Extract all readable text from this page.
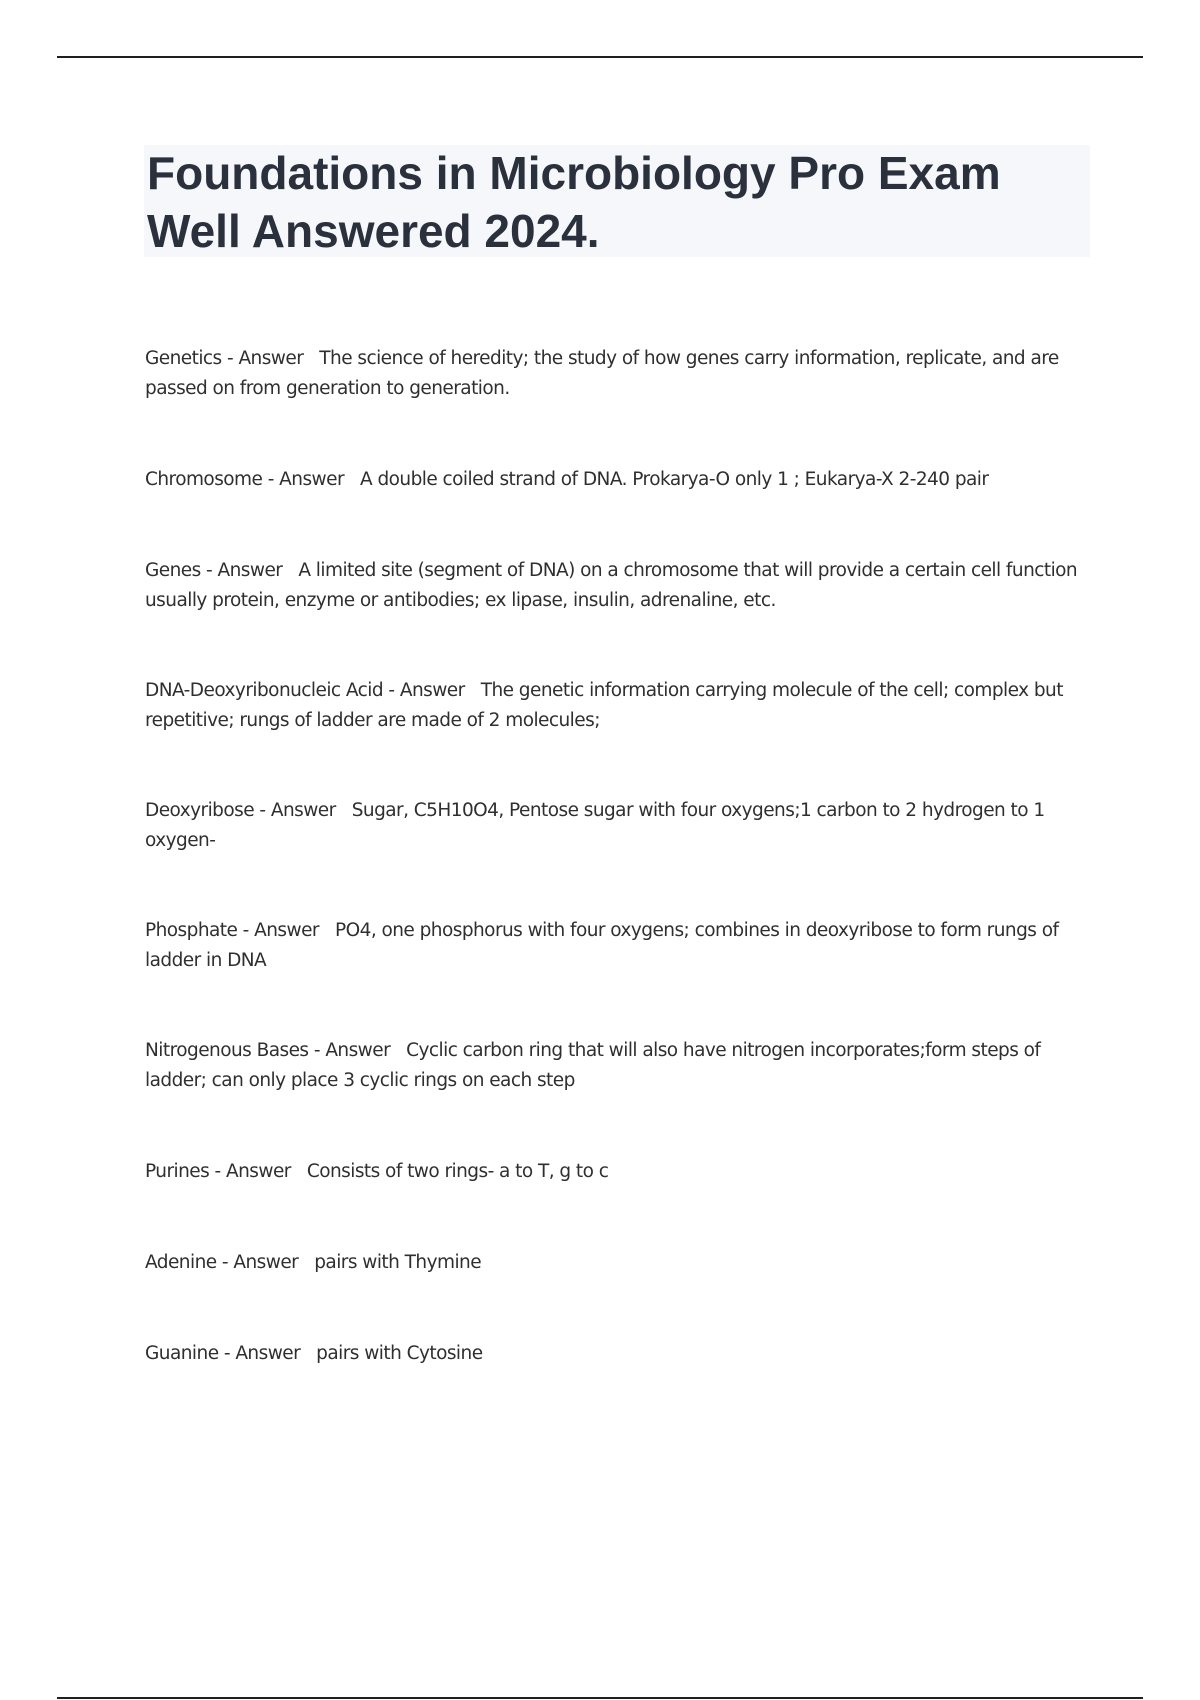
Foundations in Microbiology Pro Exam Well Answered 2024.

Genetics - Answer The science of heredity; the study of how genes carry information, replicate, and are passed on from generation to generation.

Chromosome - Answer A double coiled strand of DNA. Prokarya-O only 1 ; Eukarya-X 2-240 pair

Genes - Answer A limited site (segment of DNA) on a chromosome that will provide a certain cell function usually protein, enzyme or antibodies; ex lipase, insulin, adrenaline, etc.

DNA-Deoxyribonucleic Acid - Answer The genetic information carrying molecule of the cell; complex but repetitive; rungs of ladder are made of 2 molecules;

Deoxyribose - Answer Sugar, C5H10O4, Pentose sugar with four oxygens;1 carbon to 2 hydrogen to 1 oxygen-

Phosphate - Answer PO4, one phosphorus with four oxygens; combines in deoxyribose to form rungs of ladder in DNA

Nitrogenous Bases - Answer Cyclic carbon ring that will also have nitrogen incorporates;form steps of ladder; can only place 3 cyclic rings on each step

Purines - Answer Consists of two rings- a to T, g to c

Adenine - Answer pairs with Thymine

Guanine - Answer pairs with Cytosine
